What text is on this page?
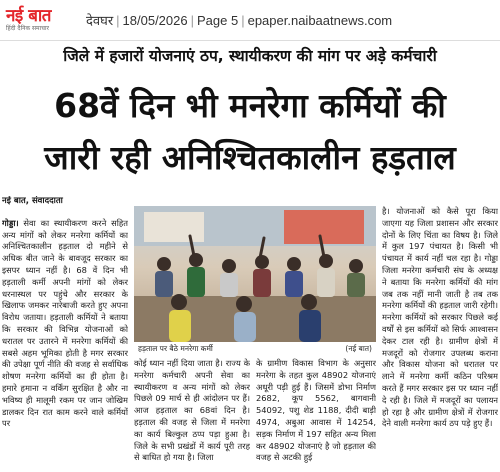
नई बात
हिंदी दैनिक समाचार	देवघर | 18/05/2026 | Page 5 | epaper.naibaatnews.com
जिले में हजारों योजनाएं ठप, स्थायीकरण की मांग पर अड़े कर्मचारी
68वें दिन भी मनरेगा कर्मियों की
जारी रही अनिश्चितकालीन हड़ताल
नई बात, संवाददाता
गोड्डा। सेवा का स्थायीकरण करने सहित अन्य मांगों को लेकर मनरेगा कर्मियों का अनिश्चितकालीन हड़ताल दो महीने से अधिक बीत जाने के बावजूद सरकार का इसपर ध्यान नहीं है। 68 वें दिन भी हड़ताली कर्मी अपनी मांगों को लेकर धरनास्थल पर पहुंचे और सरकार के खिलाफ जमकर नारेबाजी करते हुए अपना विरोध जताया। हड़ताली कर्मियों ने बताया कि सरकार की विभिन्न योजनाओं को धरातल पर उतारने में मनरेगा कर्मियों की सबसे अहम भूमिका होती है मगर सरकार की उपेक्षा पूर्ण नीति की वजह से सर्वाधिक शोषण मनरेगा कर्मियों का ही होता है। हमारे हमाना न वर्किंग सुरक्षित है और ना भविष्य ही मालूमी रकम पर जान जोखिम डालकर दिन रात काम करने वाले कर्मियों पर
हड़ताल पर बैठे मनरेगा कर्मी	(नई बात)
कोई ध्यान नहीं दिया जाता है। राज्य के मनरेगा कर्मचारी अपनी सेवा का स्थायीकरण व अन्य मांगों को लेकर पिछले 09 मार्च से ही आंदोलन पर हैं। आज हड़ताल का 68वां दिन है। हड़ताल की वजह से जिला में मनरेगा का कार्य बिल्कुल ठप्प पड़ा हुआ है। जिले के सभी प्रखंडों में कार्य पूरी तरह से बाधित हो गया है। जिला
के ग्रामीण विकास विभाग के अनुसार मनरेगा के तहत कुल 48902 योजनाएं अधूरी पड़ी हुई हैं। जिसमें डोभा निर्माण 2682, कूप 5562, बागवानी 54092, पशु शेड 1188, दीदी बाड़ी 4974, अबुआ आवास में 14254, सड़क निर्माण में 197 सहित अन्य मिला कर 48902 योजनाएं है जो हड़ताल की वजह से अटकी हुई
है। योजनाओं को कैसे पूरा किया जाएगा यह जिला प्रशासन और सरकार दोनों के लिए चिंता का विषय है। जिले में कुल 197 पंचायत है। किसी भी पंचायत में कार्य नहीं चल रहा है। गोड्डा जिला मनरेगा कर्मचारी संघ के अध्यक्ष ने बताया कि मनरेगा कर्मियों की मांग जब तक नहीं मानी जाती है तब तक मनरेगा कर्मियों की हड़ताल जारी रहेगी। मनरेगा कर्मियों को सरकार पिछले कई वर्षों से इस कर्मियों को सिर्फ आश्वासन देकर टाल रही है। ग्रामीण क्षेत्रों में मजदूरों को रोजगार उपलब्ध कराना और विकास योजना को धरातल पर लाने में मनरेगा कर्मी कठिन परिश्रम करते हैं मगर सरकार इस पर ध्यान नहीं दे रही है। जिले में मजदूरों का पलायन हो रहा है और ग्रामीण क्षेत्रों में रोजगार देने वाली मनरेगा कार्य ठप पड़े हुए हैं।
